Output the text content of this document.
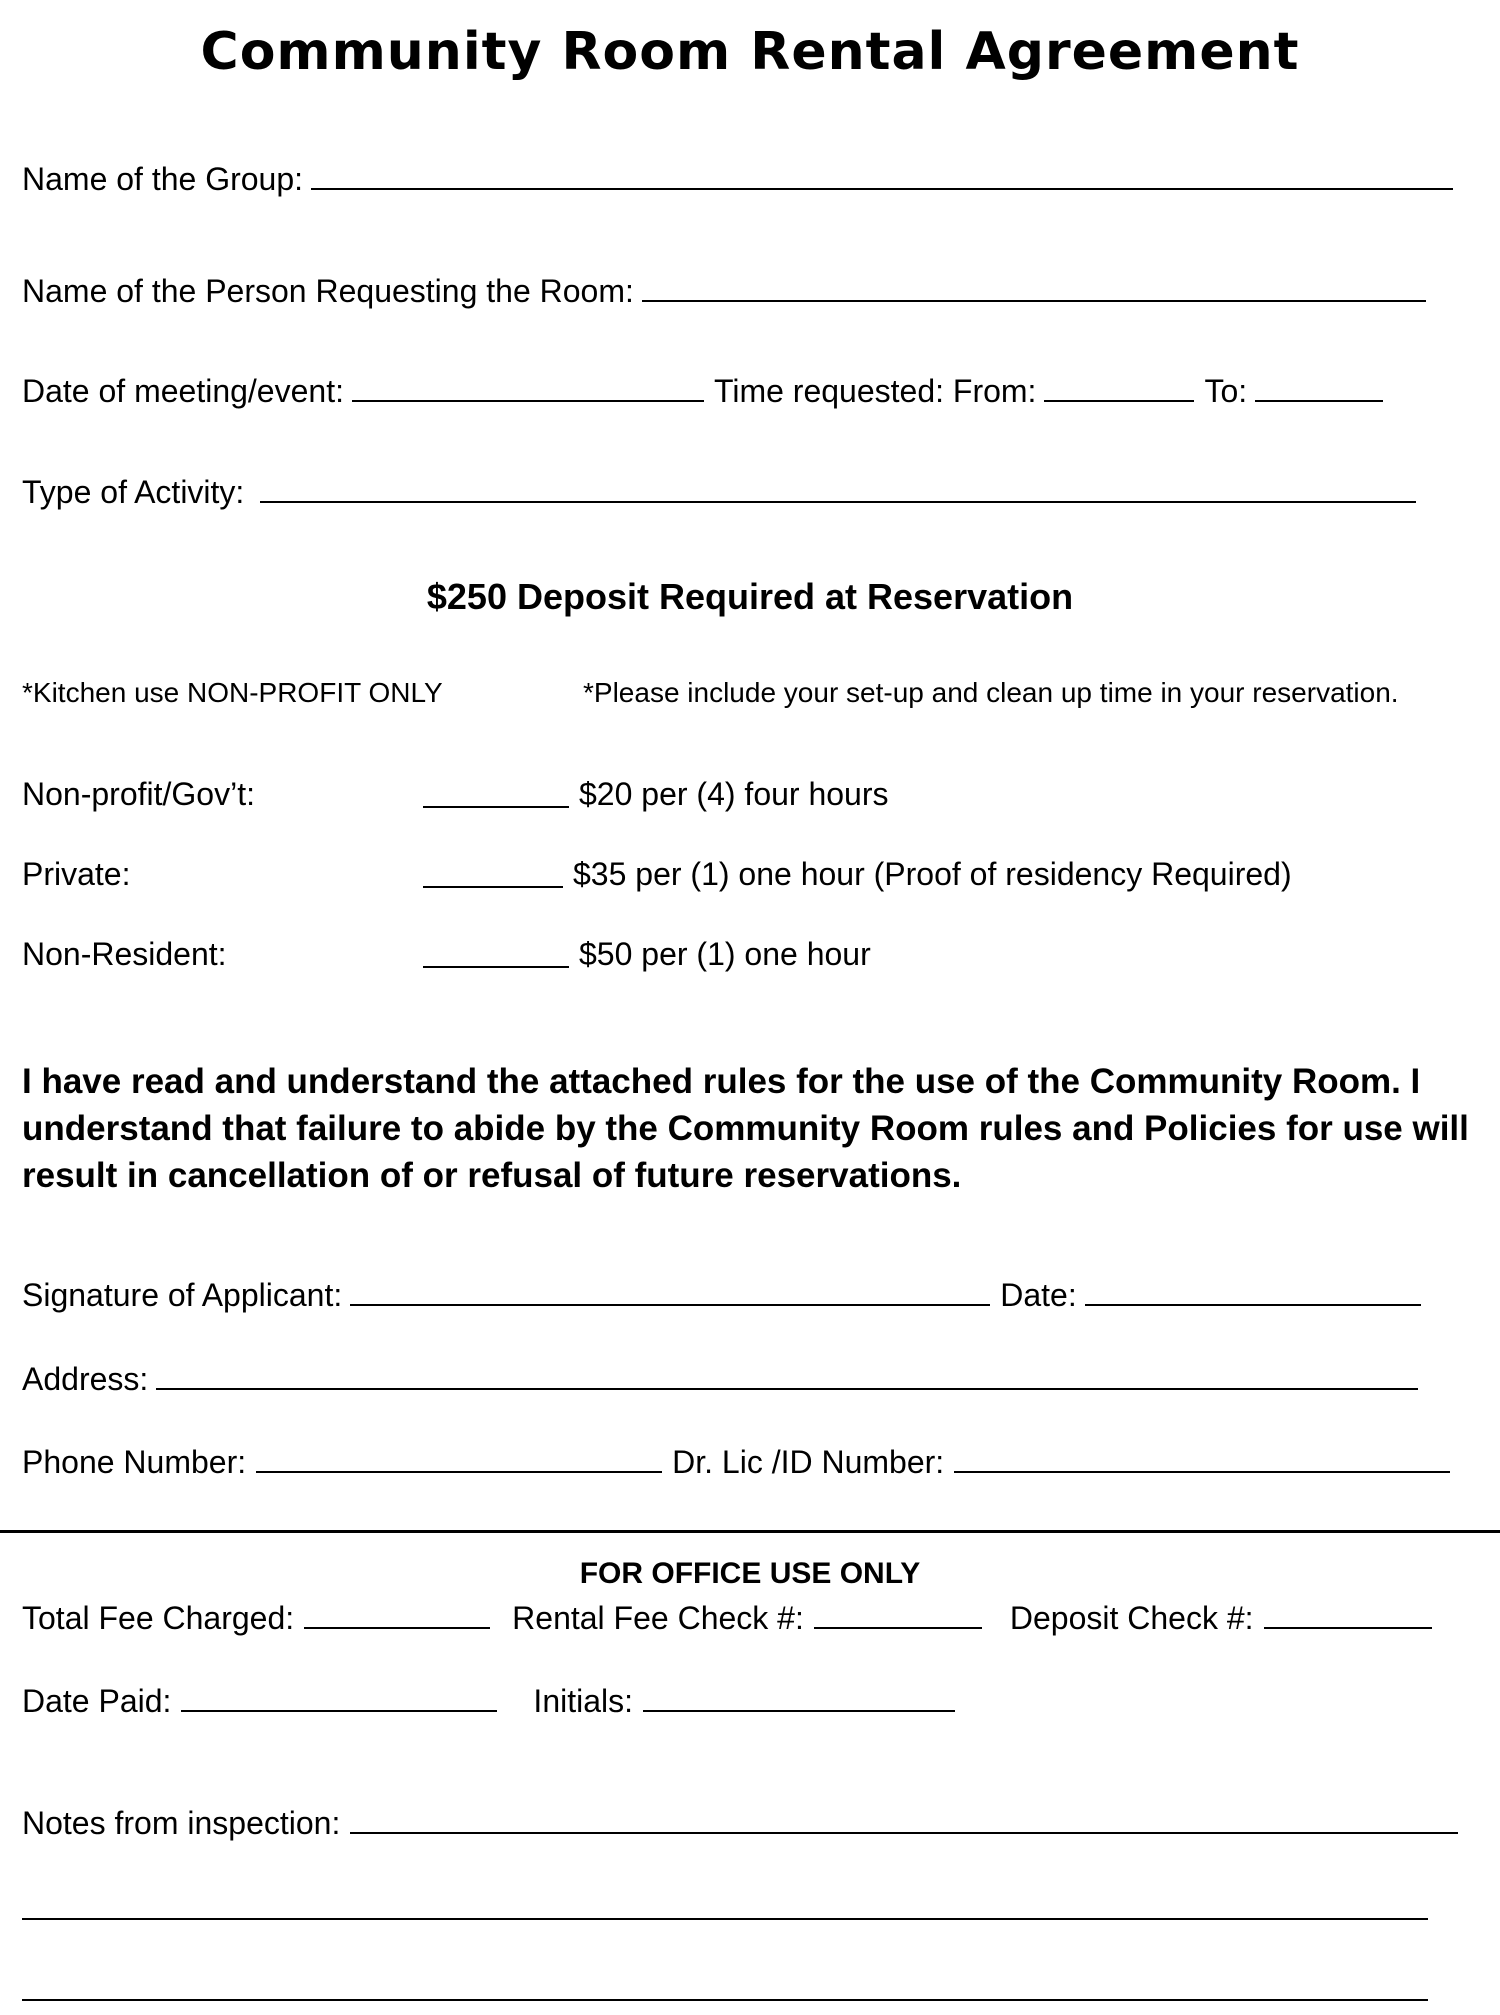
Community Room Rental Agreement
Name of the Group:
Name of the Person Requesting the Room:
Date of meeting/event:	Time requested: From:	To:
Type of Activity:
$250 Deposit Required at Reservation
*Kitchen use NON-PROFIT ONLY	*Please include your set-up and clean up time in your reservation.
Non-profit/Gov’t:	$20 per (4) four hours
Private:	$35 per (1) one hour (Proof of residency Required)
Non-Resident:	$50 per (1) one hour
I have read and understand the attached rules for the use of the Community Room. I understand that failure to abide by the Community Room rules and Policies for use will result in cancellation of or refusal of future reservations.
Signature of Applicant:	Date:
Address:
Phone Number:	Dr. Lic /ID Number:
FOR OFFICE USE ONLY
Total Fee Charged:	Rental Fee Check #:	Deposit Check #:
Date Paid:	Initials:
Notes from inspection:
